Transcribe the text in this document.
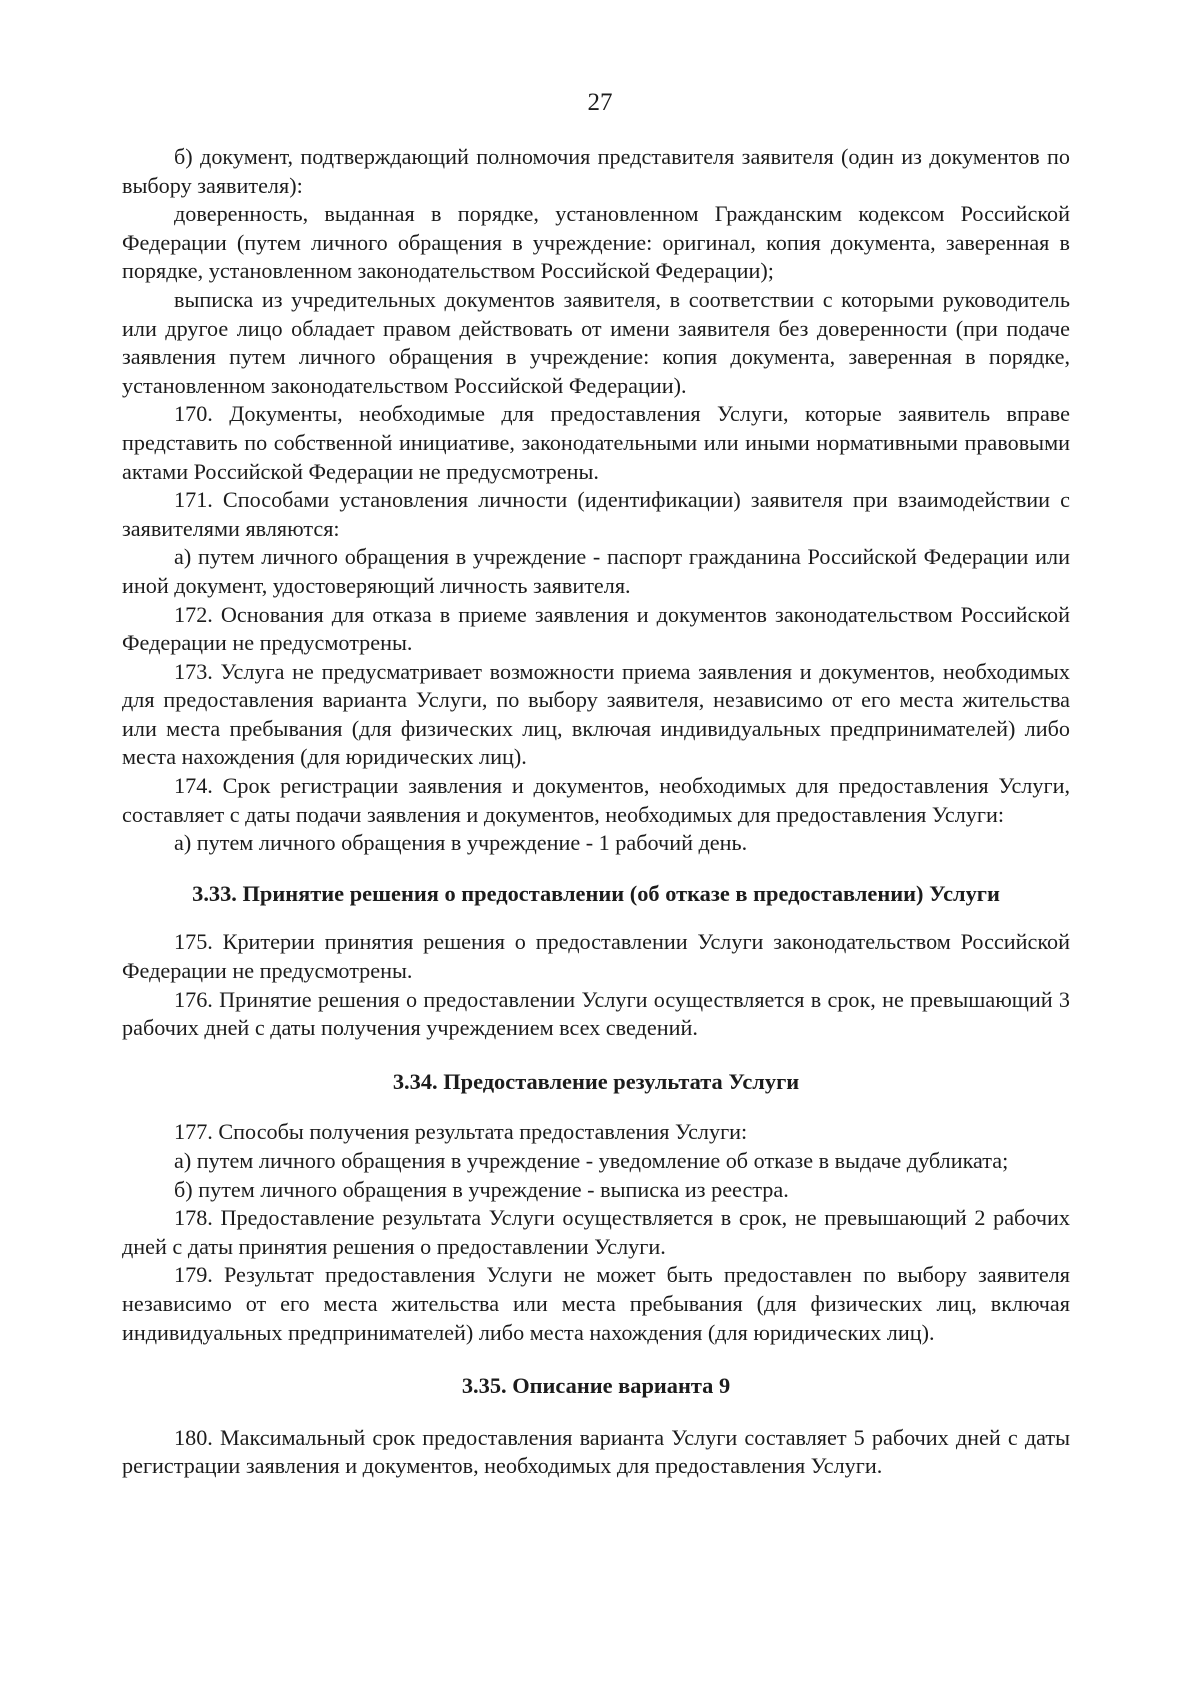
27

б) документ, подтверждающий полномочия представителя заявителя (один из документов по выбору заявителя):

доверенность, выданная в порядке, установленном Гражданским кодексом Российской Федерации (путем личного обращения в учреждение: оригинал, копия документа, заверенная в порядке, установленном законодательством Российской Федерации);

выписка из учредительных документов заявителя, в соответствии с которыми руководитель или другое лицо обладает правом действовать от имени заявителя без доверенности (при подаче заявления путем личного обращения в учреждение: копия документа, заверенная в порядке, установленном законодательством Российской Федерации).

170. Документы, необходимые для предоставления Услуги, которые заявитель вправе представить по собственной инициативе, законодательными или иными нормативными правовыми актами Российской Федерации не предусмотрены.

171. Способами установления личности (идентификации) заявителя при взаимодействии с заявителями являются:

а) путем личного обращения в учреждение - паспорт гражданина Российской Федерации или иной документ, удостоверяющий личность заявителя.

172. Основания для отказа в приеме заявления и документов законодательством Российской Федерации не предусмотрены.

173. Услуга не предусматривает возможности приема заявления и документов, необходимых для предоставления варианта Услуги, по выбору заявителя, независимо от его места жительства или места пребывания (для физических лиц, включая индивидуальных предпринимателей) либо места нахождения (для юридических лиц).

174. Срок регистрации заявления и документов, необходимых для предоставления Услуги, составляет с даты подачи заявления и документов, необходимых для предоставления Услуги:

а) путем личного обращения в учреждение - 1 рабочий день.

3.33. Принятие решения о предоставлении (об отказе в предоставлении) Услуги

175. Критерии принятия решения о предоставлении Услуги законодательством Российской Федерации не предусмотрены.

176. Принятие решения о предоставлении Услуги осуществляется в срок, не превышающий 3 рабочих дней с даты получения учреждением всех сведений.

3.34. Предоставление результата Услуги

177. Способы получения результата предоставления Услуги:

а) путем личного обращения в учреждение - уведомление об отказе в выдаче дубликата;

б) путем личного обращения в учреждение - выписка из реестра.

178. Предоставление результата Услуги осуществляется в срок, не превышающий 2 рабочих дней с даты принятия решения о предоставлении Услуги.

179. Результат предоставления Услуги не может быть предоставлен по выбору заявителя независимо от его места жительства или места пребывания (для физических лиц, включая индивидуальных предпринимателей) либо места нахождения (для юридических лиц).

3.35. Описание варианта 9

180. Максимальный срок предоставления варианта Услуги составляет 5 рабочих дней с даты регистрации заявления и документов, необходимых для предоставления Услуги.
